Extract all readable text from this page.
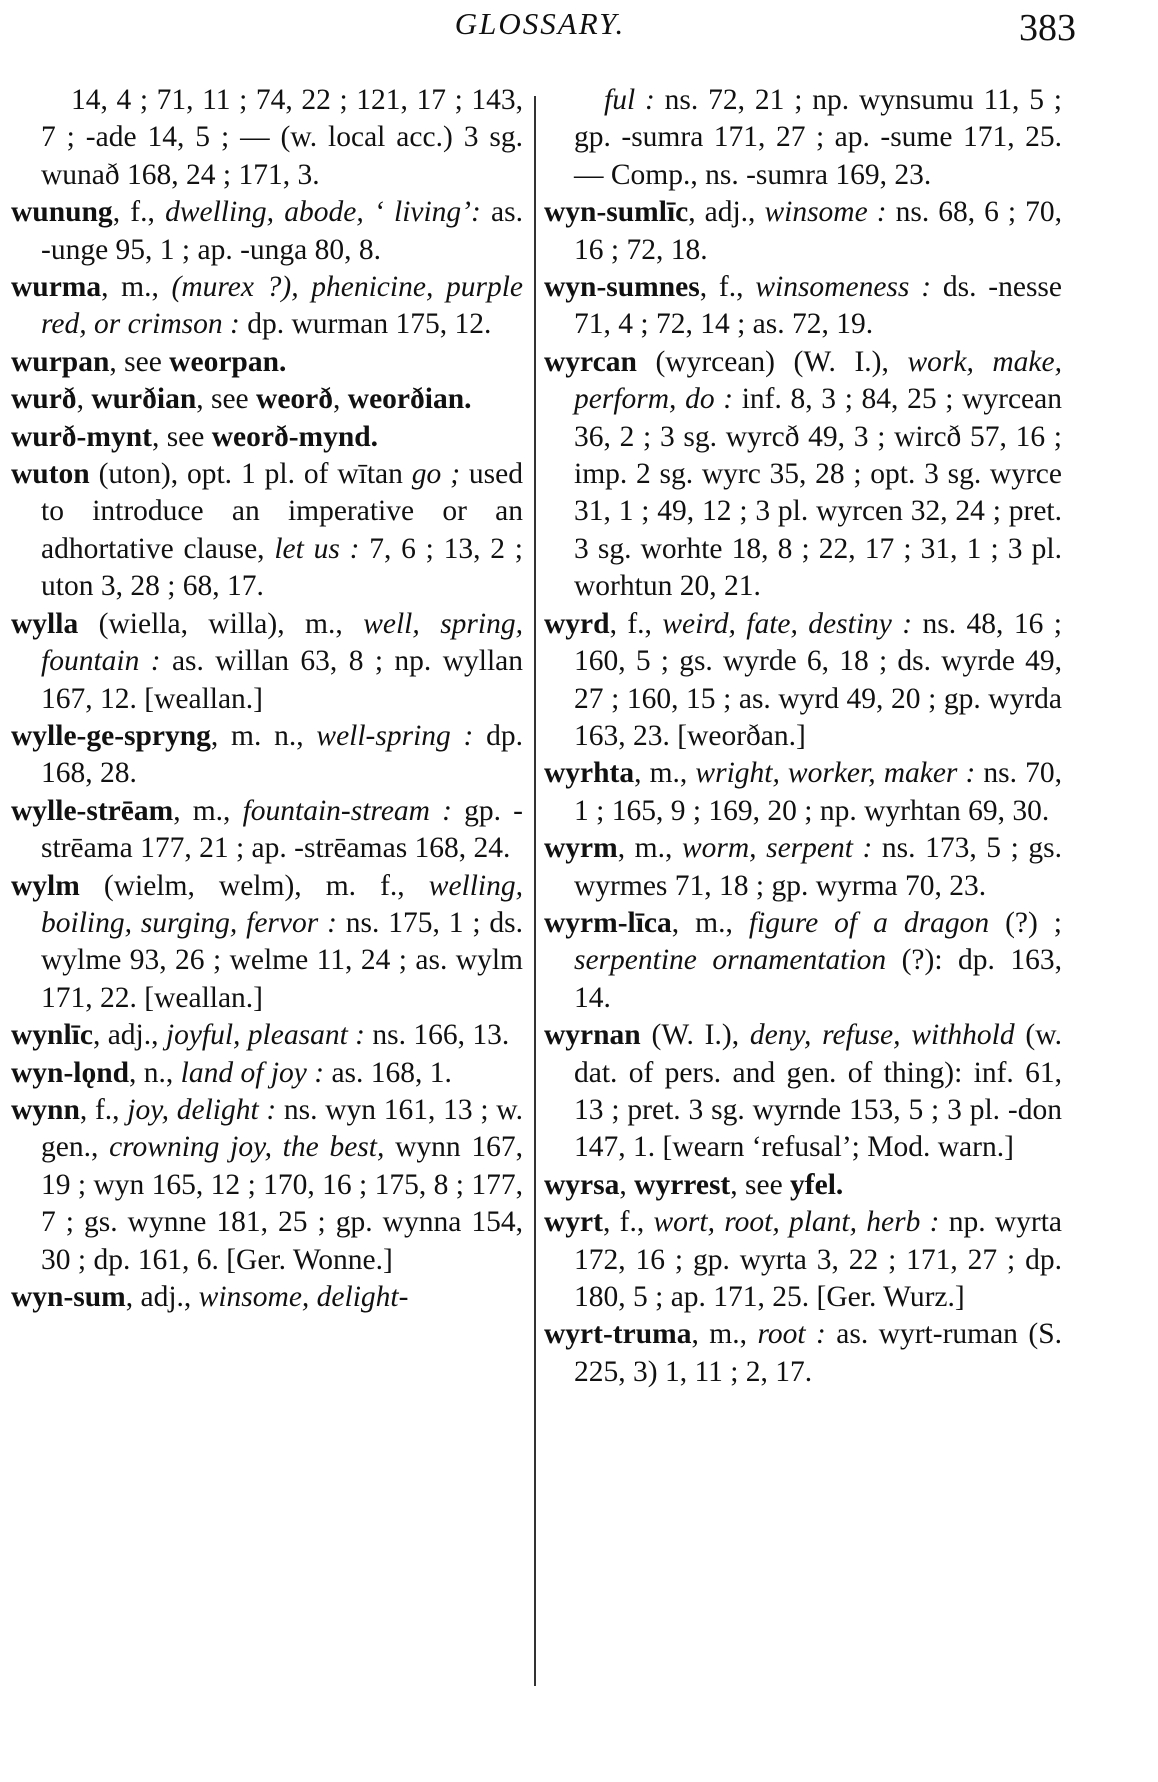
GLOSSARY.	383

14, 4 ; 71, 11 ; 74, 22 ; 121, 17 ; 143, 7 ; -ade 14, 5 ; — (w. local acc.) 3 sg. wunað 168, 24 ; 171, 3.

wunung, f., dwelling, abode, ‘ living’: as. -unge 95, 1 ; ap. -unga 80, 8.

wurma, m., (murex ?), phenicine, purple red, or crimson : dp. wurman 175, 12.

wurpan, see weorpan.

wurð, wurðian, see weorð, weorðian.

wurð-mynt, see weorð-mynd.

wuton (uton), opt. 1 pl. of wītan go ; used to introduce an imperative or an adhortative clause, let us : 7, 6 ; 13, 2 ; uton 3, 28 ; 68, 17.

wylla (wiella, willa), m., well, spring, fountain : as. willan 63, 8 ; np. wyllan 167, 12. [weallan.]

wylle-ge-spryng, m. n., well-spring : dp. 168, 28.

wylle-strēam, m., fountain-stream : gp. -strēama 177, 21 ; ap. -strēamas 168, 24.

wylm (wielm, welm), m. f., welling, boiling, surging, fervor : ns. 175, 1 ; ds. wylme 93, 26 ; welme 11, 24 ; as. wylm 171, 22. [weallan.]

wynlīc, adj., joyful, pleasant : ns. 166, 13.

wyn-lǫnd, n., land of joy : as. 168, 1.

wynn, f., joy, delight : ns. wyn 161, 13 ; w. gen., crowning joy, the best, wynn 167, 19 ; wyn 165, 12 ; 170, 16 ; 175, 8 ; 177, 7 ; gs. wynne 181, 25 ; gp. wynna 154, 30 ; dp. 161, 6. [Ger. Wonne.]

wyn-sum, adj., winsome, delight-

ful : ns. 72, 21 ; np. wynsumu 11, 5 ; gp. -sumra 171, 27 ; ap. -sume 171, 25. — Comp., ns. -sumra 169, 23.

wyn-sumlīc, adj., winsome : ns. 68, 6 ; 70, 16 ; 72, 18.

wyn-sumnes, f., winsomeness : ds. -nesse 71, 4 ; 72, 14 ; as. 72, 19.

wyrcan (wyrcean) (W. I.), work, make, perform, do : inf. 8, 3 ; 84, 25 ; wyrcean 36, 2 ; 3 sg. wyrcð 49, 3 ; wircð 57, 16 ; imp. 2 sg. wyrc 35, 28 ; opt. 3 sg. wyrce 31, 1 ; 49, 12 ; 3 pl. wyrcen 32, 24 ; pret. 3 sg. worhte 18, 8 ; 22, 17 ; 31, 1 ; 3 pl. worhtun 20, 21.

wyrd, f., weird, fate, destiny : ns. 48, 16 ; 160, 5 ; gs. wyrde 6, 18 ; ds. wyrde 49, 27 ; 160, 15 ; as. wyrd 49, 20 ; gp. wyrda 163, 23. [weorðan.]

wyrhta, m., wright, worker, maker : ns. 70, 1 ; 165, 9 ; 169, 20 ; np. wyrhtan 69, 30.

wyrm, m., worm, serpent : ns. 173, 5 ; gs. wyrmes 71, 18 ; gp. wyrma 70, 23.

wyrm-līca, m., figure of a dragon (?) ; serpentine ornamentation (?): dp. 163, 14.

wyrnan (W. I.), deny, refuse, withhold (w. dat. of pers. and gen. of thing): inf. 61, 13 ; pret. 3 sg. wyrnde 153, 5 ; 3 pl. -don 147, 1. [wearn ‘refusal’; Mod. warn.]

wyrsa, wyrrest, see yfel.

wyrt, f., wort, root, plant, herb : np. wyrta 172, 16 ; gp. wyrta 3, 22 ; 171, 27 ; dp. 180, 5 ; ap. 171, 25. [Ger. Wurz.]

wyrt-truma, m., root : as. wyrt-ruman (S. 225, 3) 1, 11 ; 2, 17.
